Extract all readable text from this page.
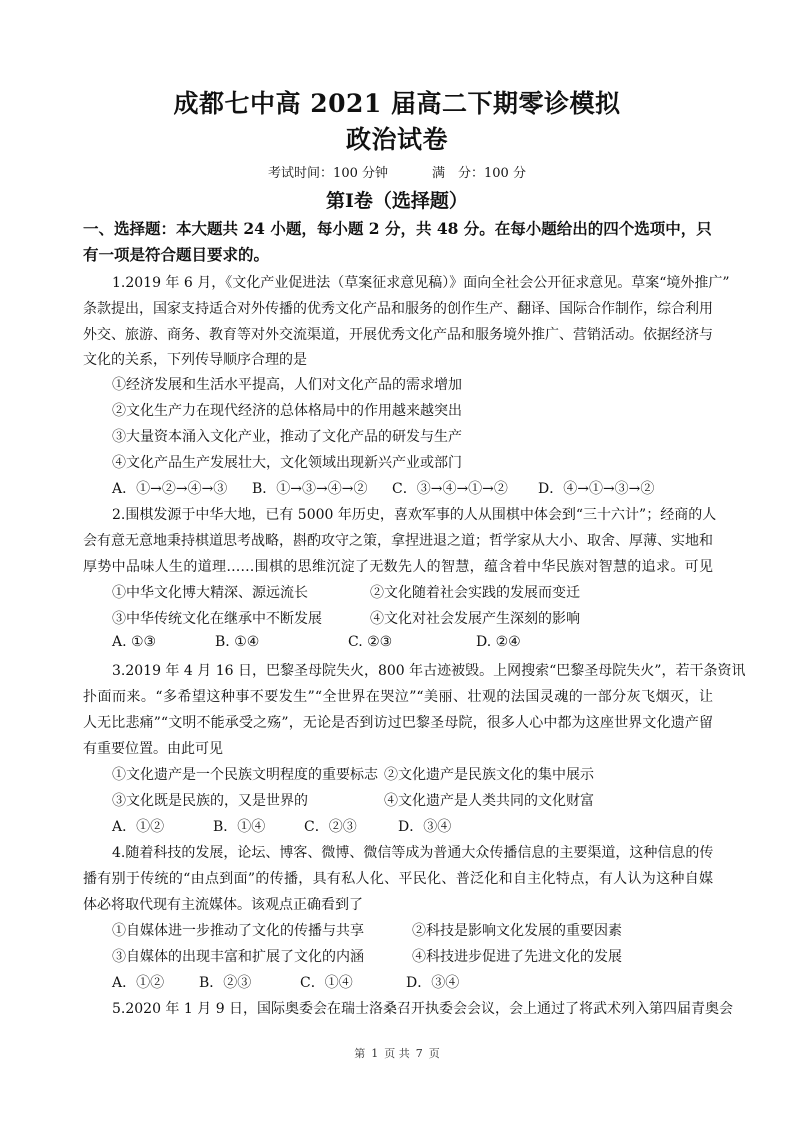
成都七中高 2021 届高二下期零诊模拟
政治试卷
考试时间：100 分钟	满　分：100 分
第Ⅰ卷（选择题）
一、选择题：本大题共 24 小题，每小题 2 分，共 48 分。在每小题给出的四个选项中，只
有一项是符合题目要求的。
1.2019 年 6 月，《文化产业促进法（草案征求意见稿）》面向全社会公开征求意见。草案“境外推广”
条款提出，国家支持适合对外传播的优秀文化产品和服务的创作生产、翻译、国际合作制作，综合利用
外交、旅游、商务、教育等对外交流渠道，开展优秀文化产品和服务境外推广、营销活动。依据经济与
文化的关系，下列传导顺序合理的是
①经济发展和生活水平提高，人们对文化产品的需求增加
②文化生产力在现代经济的总体格局中的作用越来越突出
③大量资本涌入文化产业，推动了文化产品的研发与生产
④文化产品生产发展壮大，文化领域出现新兴产业或部门
A．①→②→④→③ B．①→③→④→② C．③→④→①→② D．④→①→③→②
2.围棋发源于中华大地，已有 5000 年历史，喜欢军事的人从围棋中体会到“三十六计”；经商的人
会有意无意地秉持棋道思考战略，斟酌攻守之策，拿捏进退之道；哲学家从大小、取舍、厚薄、实地和
厚势中品味人生的道理……围棋的思维沉淀了无数先人的智慧，蕴含着中华民族对智慧的追求。可见
①中华文化博大精深、源远流长	②文化随着社会实践的发展而变迁
③中华传统文化在继承中不断发展	④文化对社会发展产生深刻的影响
A. ①③	B. ①④	C. ②③	D. ②④
3.2019 年 4 月 16 日，巴黎圣母院失火，800 年古迹被毁。上网搜索“巴黎圣母院失火”，若干条资讯
扑面而来。“多希望这种事不要发生”“全世界在哭泣”“美丽、壮观的法国灵魂的一部分灰飞烟灭，让
人无比悲痛”“文明不能承受之殇”，无论是否到访过巴黎圣母院，很多人心中都为这座世界文化遗产留
有重要位置。由此可见
①文化遗产是一个民族文明程度的重要标志 ②文化遗产是民族文化的集中展示
③文化既是民族的，又是世界的	④文化遗产是人类共同的文化财富
A．①②	B．①④	C．②③	D．③④
4.随着科技的发展，论坛、博客、微博、微信等成为普通大众传播信息的主要渠道，这种信息的传
播有别于传统的“由点到面”的传播，具有私人化、平民化、普泛化和自主化特点，有人认为这种自媒
体必将取代现有主流媒体。该观点正确看到了
①自媒体进一步推动了文化的传播与共享	②科技是影响文化发展的重要因素
③自媒体的出现丰富和扩展了文化的内涵	④科技进步促进了先进文化的发展
A．①② B．②③	C．①④	D．③④
5.2020 年 1 月 9 日，国际奥委会在瑞士洛桑召开执委会会议，会上通过了将武术列入第四届青奥会
第 1 页 共 7 页
